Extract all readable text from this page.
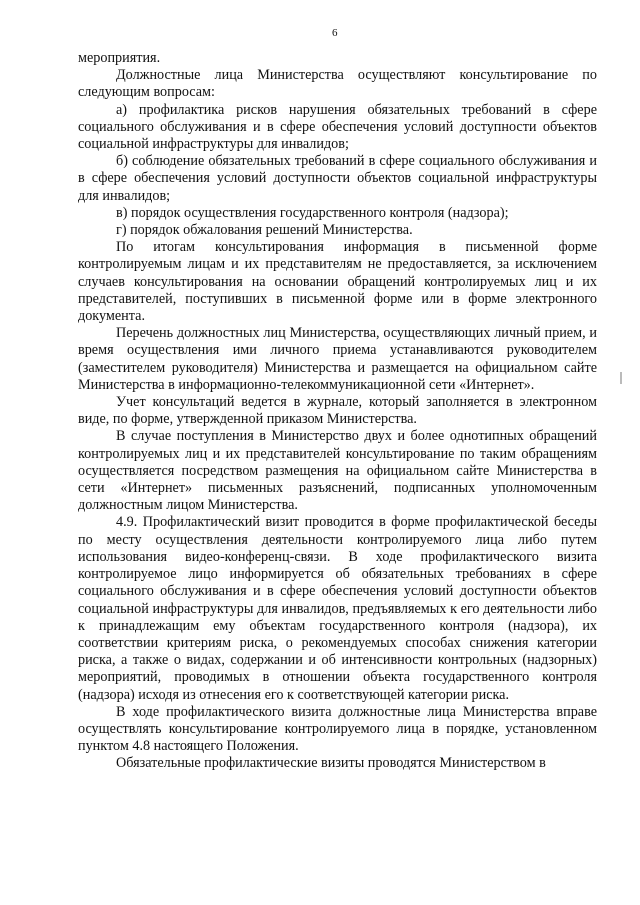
6

мероприятия.

Должностные лица Министерства осуществляют консультирование по следующим вопросам:

а) профилактика рисков нарушения обязательных требований в сфере социального обслуживания и в сфере обеспечения условий доступности объектов социальной инфраструктуры для инвалидов;

б) соблюдение обязательных требований в сфере социального обслуживания и в сфере обеспечения условий доступности объектов социальной инфраструктуры для инвалидов;

в) порядок осуществления государственного контроля (надзора);

г) порядок обжалования решений Министерства.

По итогам консультирования информация в письменной форме контролируемым лицам и их представителям не предоставляется, за исключением случаев консультирования на основании обращений контролируемых лиц и их представителей, поступивших в письменной форме или в форме электронного документа.

Перечень должностных лиц Министерства, осуществляющих личный прием, и время осуществления ими личного приема устанавливаются руководителем (заместителем руководителя) Министерства и размещается на официальном сайте Министерства в информационно-телекоммуникационной сети «Интернет».

Учет консультаций ведется в журнале, который заполняется в электронном виде, по форме, утвержденной приказом Министерства.

В случае поступления в Министерство двух и более однотипных обращений контролируемых лиц и их представителей консультирование по таким обращениям осуществляется посредством размещения на официальном сайте Министерства в сети «Интернет» письменных разъяснений, подписанных уполномоченным должностным лицом Министерства.

4.9. Профилактический визит проводится в форме профилактической беседы по месту осуществления деятельности контролируемого лица либо путем использования видео-конференц-связи. В ходе профилактического визита контролируемое лицо информируется об обязательных требованиях в сфере социального обслуживания и в сфере обеспечения условий доступности объектов социальной инфраструктуры для инвалидов, предъявляемых к его деятельности либо к принадлежащим ему объектам государственного контроля (надзора), их соответствии критериям риска, о рекомендуемых способах снижения категории риска, а также о видах, содержании и об интенсивности контрольных (надзорных) мероприятий, проводимых в отношении объекта государственного контроля (надзора) исходя из отнесения его к соответствующей категории риска.

В ходе профилактического визита должностные лица Министерства вправе осуществлять консультирование контролируемого лица в порядке, установленном пунктом 4.8 настоящего Положения.

Обязательные профилактические визиты проводятся Министерством в
